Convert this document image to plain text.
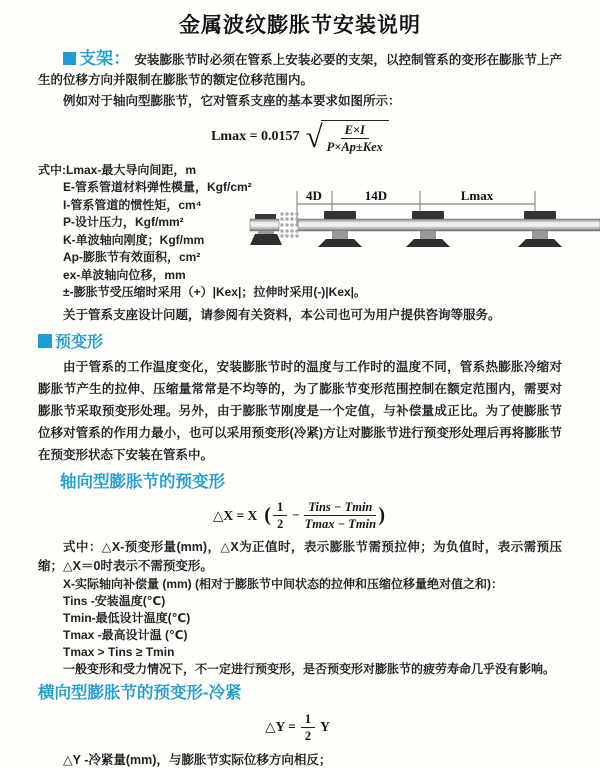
金属波纹膨胀节安装说明

支架： 安装膨胀节时必须在管系上安装必要的支架，以控制管系的变形在膨胀节上产生的位移方向并限制在膨胀节的额定位移范围内。

例如对于轴向型膨胀节，它对管系支座的基本要求如图所示：

Lmax = 0.0157 √ $\frac{E\times I}{\text{P×Ap±Kex}}$
式中:Lmax-最大导向间距，m
E-管系管道材料弹性模量，Kgf/cm²
I-管系管道的惯性矩，cm⁴
P-设计压力，Kgf/mm²
K-单波轴向刚度；Kgf/mm
Ap-膨胀节有效面积，cm²
ex-单波轴向位移，mm
±-膨胀节受压缩时采用（+）|Kex|；拉伸时采用(-)|Kex|。

关于管系支座设计问题，请参阅有关资料，本公司也可为用户提供咨询等服务。

4D	14D	Lmax
预变形

由于管系的工作温度变化，安装膨胀节时的温度与工作时的温度不同，管系热膨胀冷缩对膨胀节产生的拉伸、压缩量常常是不均等的，为了膨胀节变形范围控制在额定范围内，需要对膨胀节采取预变形处理。另外，由于膨胀节刚度是一个定值，与补偿量成正比。为了使膨胀节位移对管系的作用力最小，也可以采用预变形(冷紧)方让对膨胀节进行预变形处理后再将膨胀节在预变形状态下安装在管系中。

轴向型膨胀节的预变形
△X = X ( $\frac{1}{2} - \frac{\text{Tins − Tmin}}{Tmax - Tmin}$ )

式中：△X-预变形量(mm)，△X为正值时，表示膨胀节需预拉伸；为负值时，表示需预压缩；△X＝0时表示不需预变形。

X-实际轴向补偿量 (mm) (相对于膨胀节中间状态的拉伸和压缩位移量绝对值之和)：
Tins -安装温度(℃)
Tmin-最低设计温度(℃)
Tmax -最高设计温 (℃)
Tmax > Tins ≥ Tmin
一般变形和受力情况下，不一定进行预变形，是否预变形对膨胀节的疲劳寿命几乎没有影响。
横向型膨胀节的预变形-冷紧
△Y = $\frac{1}{2}$ Y

△Y -冷紧量(mm)，与膨胀节实际位移方向相反；
